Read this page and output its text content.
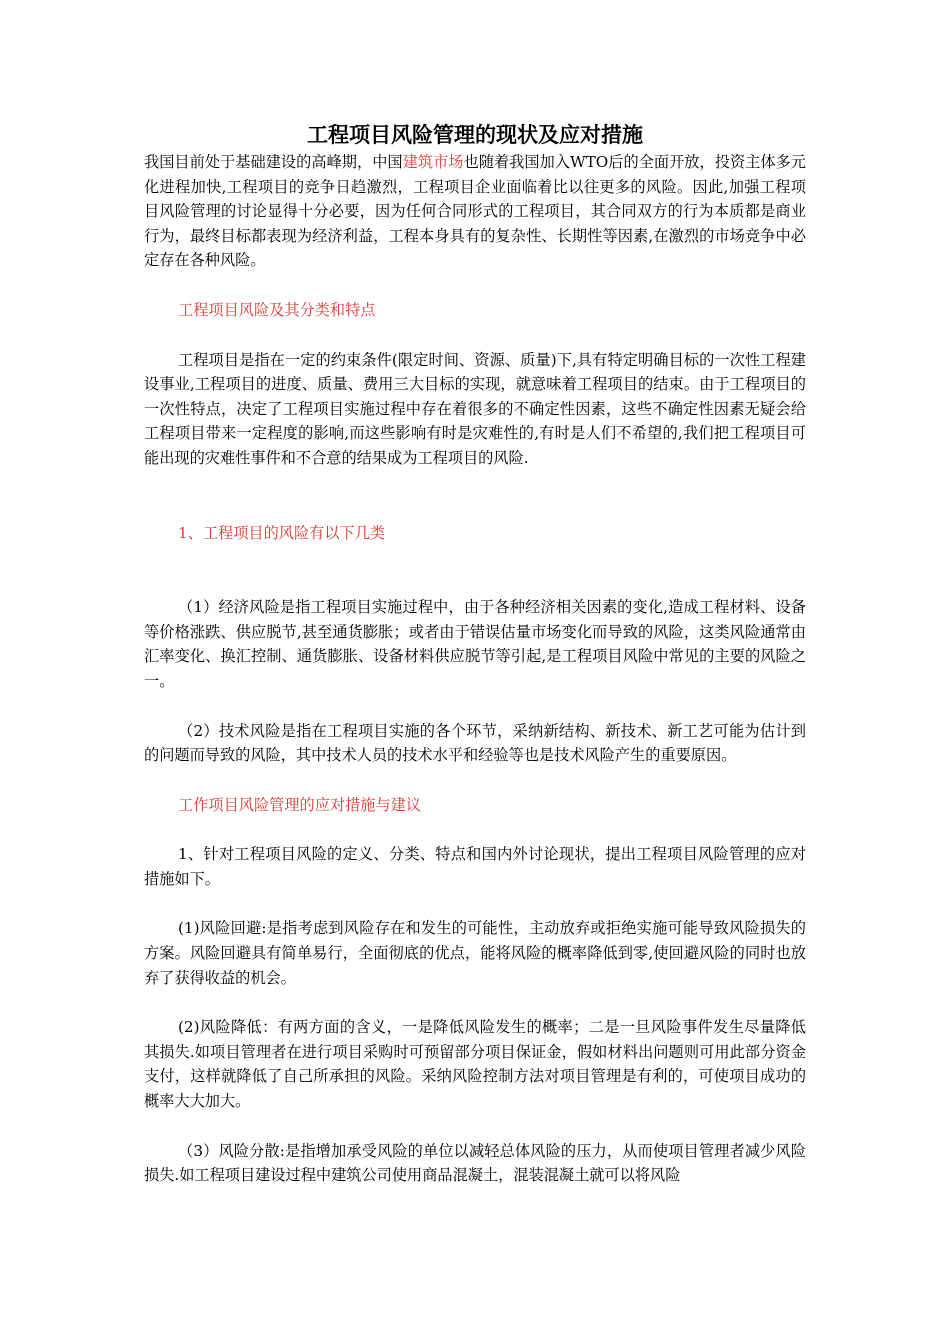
工程项目风险管理的现状及应对措施

我国目前处于基础建设的高峰期，中国建筑市场也随着我国加入WTO后的全面开放，投资主体多元化进程加快,工程项目的竞争日趋激烈，工程项目企业面临着比以往更多的风险。因此,加强工程项目风险管理的讨论显得十分必要，因为任何合同形式的工程项目，其合同双方的行为本质都是商业行为，最终目标都表现为经济利益，工程本身具有的复杂性、长期性等因素,在激烈的市场竞争中必定存在各种风险。

工程项目风险及其分类和特点

工程项目是指在一定的约束条件(限定时间、资源、质量)下,具有特定明确目标的一次性工程建设事业,工程项目的进度、质量、费用三大目标的实现，就意味着工程项目的结束。由于工程项目的一次性特点，决定了工程项目实施过程中存在着很多的不确定性因素，这些不确定性因素无疑会给工程项目带来一定程度的影响,而这些影响有时是灾难性的,有时是人们不希望的,我们把工程项目可能出现的灾难性事件和不合意的结果成为工程项目的风险.

1、工程项目的风险有以下几类

（1）经济风险是指工程项目实施过程中，由于各种经济相关因素的变化,造成工程材料、设备等价格涨跌、供应脱节,甚至通货膨胀；或者由于错误估量市场变化而导致的风险，这类风险通常由汇率变化、换汇控制、通货膨胀、设备材料供应脱节等引起,是工程项目风险中常见的主要的风险之一。

（2）技术风险是指在工程项目实施的各个环节，采纳新结构、新技术、新工艺可能为估计到的问题而导致的风险，其中技术人员的技术水平和经验等也是技术风险产生的重要原因。

工作项目风险管理的应对措施与建议

1、针对工程项目风险的定义、分类、特点和国内外讨论现状，提出工程项目风险管理的应对措施如下。

(1)风险回避:是指考虑到风险存在和发生的可能性，主动放弃或拒绝实施可能导致风险损失的方案。风险回避具有简单易行，全面彻底的优点，能将风险的概率降低到零,使回避风险的同时也放弃了获得收益的机会。

(2)风险降低：有两方面的含义，一是降低风险发生的概率；二是一旦风险事件发生尽量降低其损失.如项目管理者在进行项目采购时可预留部分项目保证金，假如材料出问题则可用此部分资金支付，这样就降低了自己所承担的风险。采纳风险控制方法对项目管理是有利的，可使项目成功的概率大大加大。

（3）风险分散:是指增加承受风险的单位以减轻总体风险的压力，从而使项目管理者减少风险损失.如工程项目建设过程中建筑公司使用商品混凝土，混装混凝土就可以将风险
